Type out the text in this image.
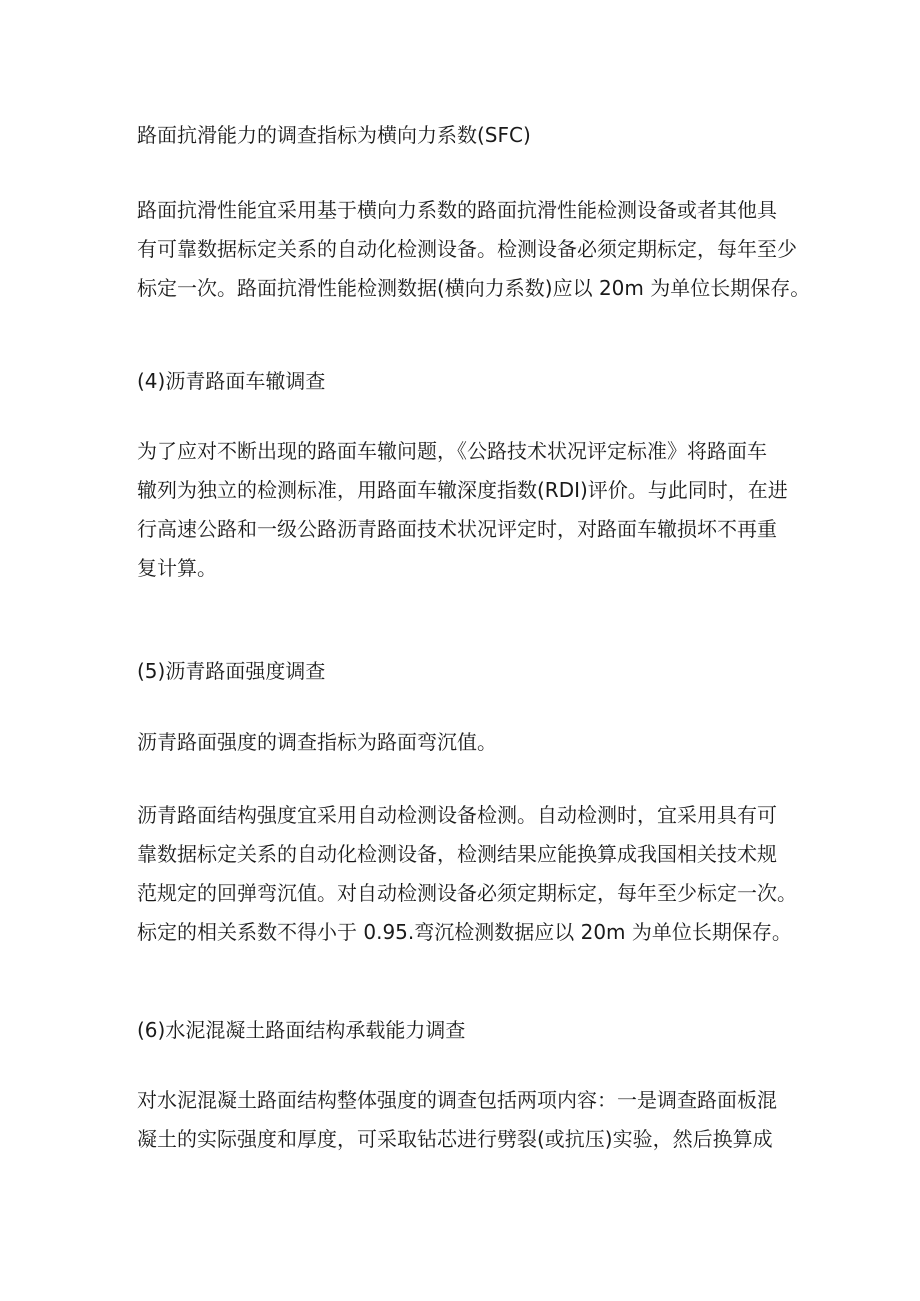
路面抗滑能力的调查指标为横向力系数(SFC)

路面抗滑性能宜采用基于横向力系数的路面抗滑性能检测设备或者其他具
有可靠数据标定关系的自动化检测设备。检测设备必须定期标定，每年至少
标定一次。路面抗滑性能检测数据(横向力系数)应以 20m 为单位长期保存。

(4)沥青路面车辙调查

为了应对不断出现的路面车辙问题，《公路技术状况评定标准》将路面车
辙列为独立的检测标准，用路面车辙深度指数(RDI)评价。与此同时，在进
行高速公路和一级公路沥青路面技术状况评定时，对路面车辙损坏不再重
复计算。

(5)沥青路面强度调查

沥青路面强度的调查指标为路面弯沉值。

沥青路面结构强度宜采用自动检测设备检测。自动检测时，宜采用具有可
靠数据标定关系的自动化检测设备，检测结果应能换算成我国相关技术规
范规定的回弹弯沉值。对自动检测设备必须定期标定，每年至少标定一次。
标定的相关系数不得小于 0.95.弯沉检测数据应以 20m 为单位长期保存。

(6)水泥混凝土路面结构承载能力调查

对水泥混凝土路面结构整体强度的调查包括两项内容：一是调查路面板混
凝土的实际强度和厚度，可采取钻芯进行劈裂(或抗压)实验，然后换算成
